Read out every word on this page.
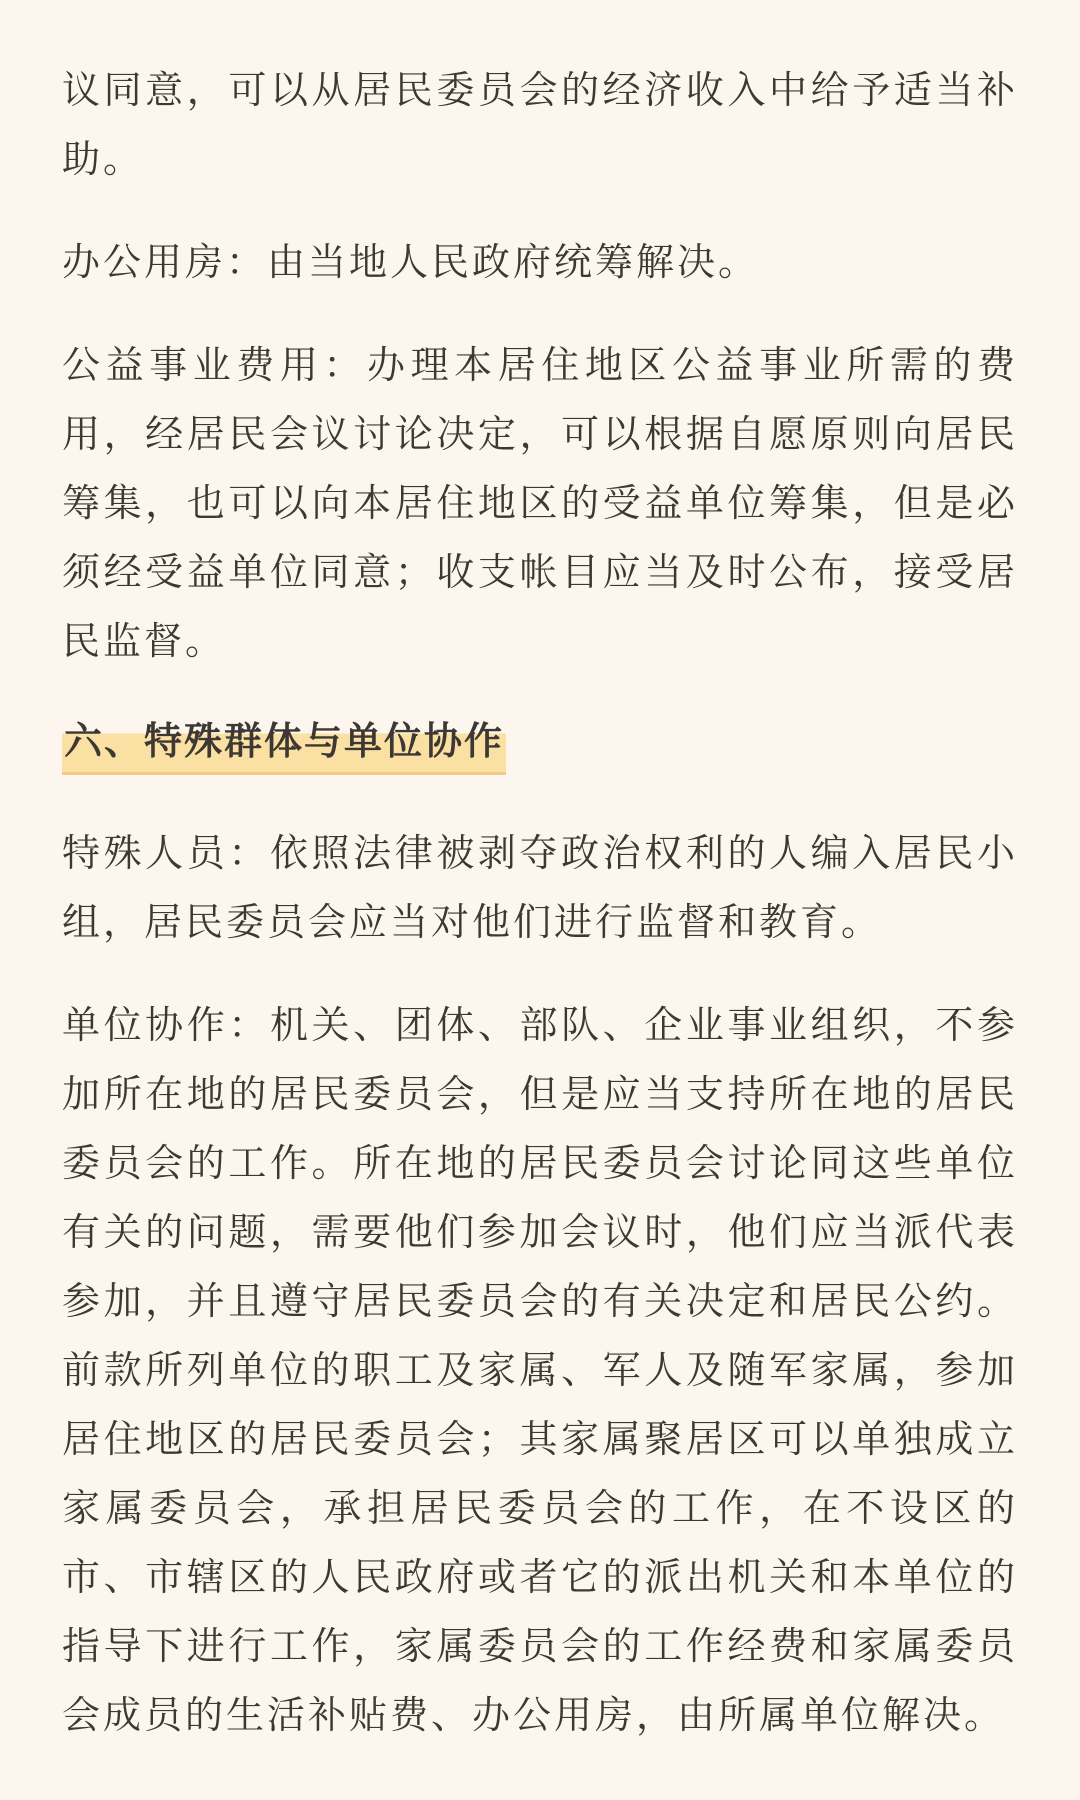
议同意，可以从居民委员会的经济收入中给予适当补助。

办公用房：由当地人民政府统筹解决。

公益事业费用：办理本居住地区公益事业所需的费用，经居民会议讨论决定，可以根据自愿原则向居民筹集，也可以向本居住地区的受益单位筹集，但是必须经受益单位同意；收支帐目应当及时公布，接受居民监督。

六、特殊群体与单位协作

特殊人员：依照法律被剥夺政治权利的人编入居民小组，居民委员会应当对他们进行监督和教育。

单位协作：机关、团体、部队、企业事业组织，不参加所在地的居民委员会，但是应当支持所在地的居民委员会的工作。所在地的居民委员会讨论同这些单位有关的问题，需要他们参加会议时，他们应当派代表参加，并且遵守居民委员会的有关决定和居民公约。前款所列单位的职工及家属、军人及随军家属，参加居住地区的居民委员会；其家属聚居区可以单独成立家属委员会，承担居民委员会的工作，在不设区的市、市辖区的人民政府或者它的派出机关和本单位的指导下进行工作，家属委员会的工作经费和家属委员会成员的生活补贴费、办公用房，由所属单位解决。
